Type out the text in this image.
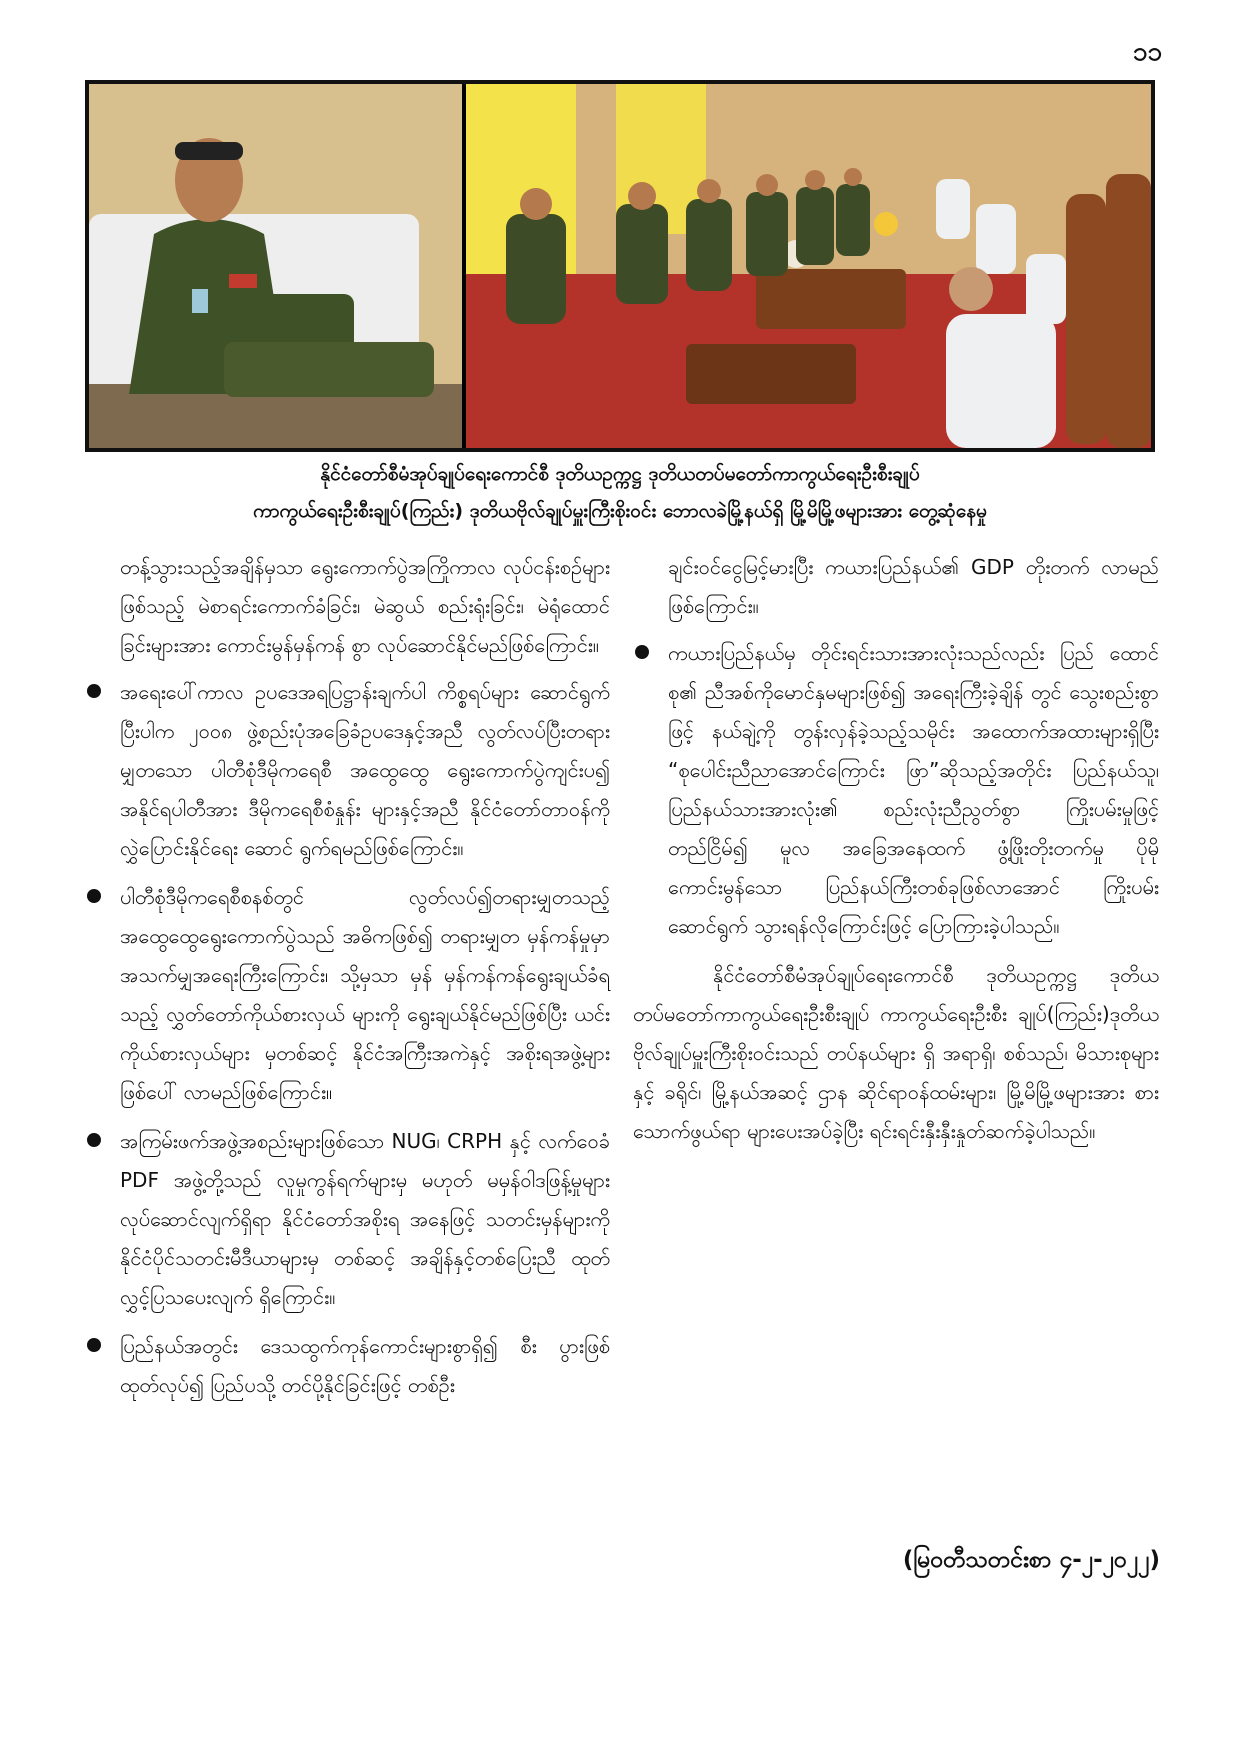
၁၁
နိုင်ငံတော်စီမံအုပ်ချုပ်ရေးကောင်စီ ဒုတိယဥက္ကဋ္ဌ ဒုတိယတပ်မတော်ကာကွယ်ရေးဦးစီးချုပ်
ကာကွယ်ရေးဦးစီးချုပ်(ကြည်း) ဒုတိယဗိုလ်ချုပ်မှူးကြီးစိုးဝင်း ဘောလခဲမြို့နယ်ရှိ မြို့မိမြို့ဖများအား တွေ့ဆုံနေမှု

တန့်သွားသည့်အချိန်မှသာ ရွေးကောက်ပွဲအကြိုကာလ လုပ်ငန်းစဉ်များဖြစ်သည့် မဲစာရင်းကောက်ခံခြင်း၊ မဲဆွယ် စည်းရုံးခြင်း၊ မဲရုံထောင်ခြင်းများအား ကောင်းမွန်မှန်ကန် စွာ လုပ်ဆောင်နိုင်မည်ဖြစ်ကြောင်း။

အရေးပေါ်ကာလ ဥပဒေအရပြဋ္ဌာန်းချက်ပါ ကိစ္စရပ်များ ဆောင်ရွက်ပြီးပါက ၂၀၀၈ ဖွဲ့စည်းပုံအခြေခံဥပဒေနှင့်အညီ လွတ်လပ်ပြီးတရားမျှတသော ပါတီစုံဒီမိုကရေစီ အထွေထွေ ရွေးကောက်ပွဲကျင်းပ၍ အနိုင်ရပါတီအား ဒီမိုကရေစီစံနှုန်း များနှင့်အညီ နိုင်ငံတော်တာဝန်ကိုလွှဲပြောင်းနိုင်ရေး ဆောင် ရွက်ရမည်ဖြစ်ကြောင်း။
ပါတီစုံဒီမိုကရေစီစနစ်တွင် လွတ်လပ်၍တရားမျှတသည့် အထွေထွေရွေးကောက်ပွဲသည် အဓိကဖြစ်၍ တရားမျှတ မှန်ကန်မှုမှာ အသက်မျှအရေးကြီးကြောင်း၊ သို့မှသာ မှန် မှန်ကန်ကန်ရွေးချယ်ခံရသည့် လွှတ်တော်ကိုယ်စားလှယ် များကို ရွေးချယ်နိုင်မည်ဖြစ်ပြီး ယင်းကိုယ်စားလှယ်များ မှတစ်ဆင့် နိုင်ငံအကြီးအကဲနှင့် အစိုးရအဖွဲ့များ ဖြစ်ပေါ် လာမည်ဖြစ်ကြောင်း။
အကြမ်းဖက်အဖွဲ့အစည်းများဖြစ်သော NUG၊ CRPH နှင့် လက်ဝေခံ PDF အဖွဲ့တို့သည် လူမှုကွန်ရက်များမှ မဟုတ် မမှန်ဝါဒဖြန့်မှုများလုပ်ဆောင်လျက်ရှိရာ နိုင်ငံတော်အစိုးရ အနေဖြင့် သတင်းမှန်များကို နိုင်ငံပိုင်သတင်းမီဒီယာများမှ တစ်ဆင့် အချိန်နှင့်တစ်ပြေးညီ ထုတ်လွှင့်ပြသပေးလျက် ရှိကြောင်း။
ပြည်နယ်အတွင်း ဒေသထွက်ကုန်ကောင်းများစွာရှိ၍ စီး ပွားဖြစ်ထုတ်လုပ်၍ ပြည်ပသို့ တင်ပို့နိုင်ခြင်းဖြင့် တစ်ဦး

ချင်းဝင်ငွေမြင့်မားပြီး ကယားပြည်နယ်၏ GDP တိုးတက် လာမည်ဖြစ်ကြောင်း။

ကယားပြည်နယ်မှ တိုင်းရင်းသားအားလုံးသည်လည်း ပြည် ထောင်စု၏ ညီအစ်ကိုမောင်နှမများဖြစ်၍ အရေးကြီးခဲ့ချိန် တွင် သွေးစည်းစွာဖြင့် နယ်ချဲ့ကို တွန်းလှန်ခဲ့သည့်သမိုင်း အထောက်အထားများရှိပြီး “စုပေါင်းညီညာအောင်ကြောင်း ဖြာ”ဆိုသည့်အတိုင်း ပြည်နယ်သူ၊ ပြည်နယ်သားအားလုံး၏ စည်းလုံးညီညွတ်စွာ ကြိုးပမ်းမှုဖြင့် တည်ငြိမ်၍ မူလ အခြေအနေထက် ဖွံ့ဖြိုးတိုးတက်မှု ပိုမိုကောင်းမွန်သော ပြည်နယ်ကြီးတစ်ခုဖြစ်လာအောင် ကြိုးပမ်းဆောင်ရွက် သွားရန်လိုကြောင်းဖြင့် ပြောကြားခဲ့ပါသည်။

နိုင်ငံတော်စီမံအုပ်ချုပ်ရေးကောင်စီ ဒုတိယဥက္ကဋ္ဌ ဒုတိယတပ်မတော်ကာကွယ်ရေးဦးစီးချုပ် ကာကွယ်ရေးဦးစီး ချုပ်(ကြည်း)ဒုတိယဗိုလ်ချုပ်မှူးကြီးစိုးဝင်းသည် တပ်နယ်များ ရှိ အရာရှိ၊ စစ်သည်၊ မိသားစုများနှင့် ခရိုင်၊ မြို့နယ်အဆင့် ဌာန ဆိုင်ရာဝန်ထမ်းများ၊ မြို့မိမြို့ဖများအား စားသောက်ဖွယ်ရာ များပေးအပ်ခဲ့ပြီး ရင်းရင်းနှီးနှီးနှုတ်ဆက်ခဲ့ပါသည်။

(မြဝတီသတင်းစာ ၄-၂-၂၀၂၂)
